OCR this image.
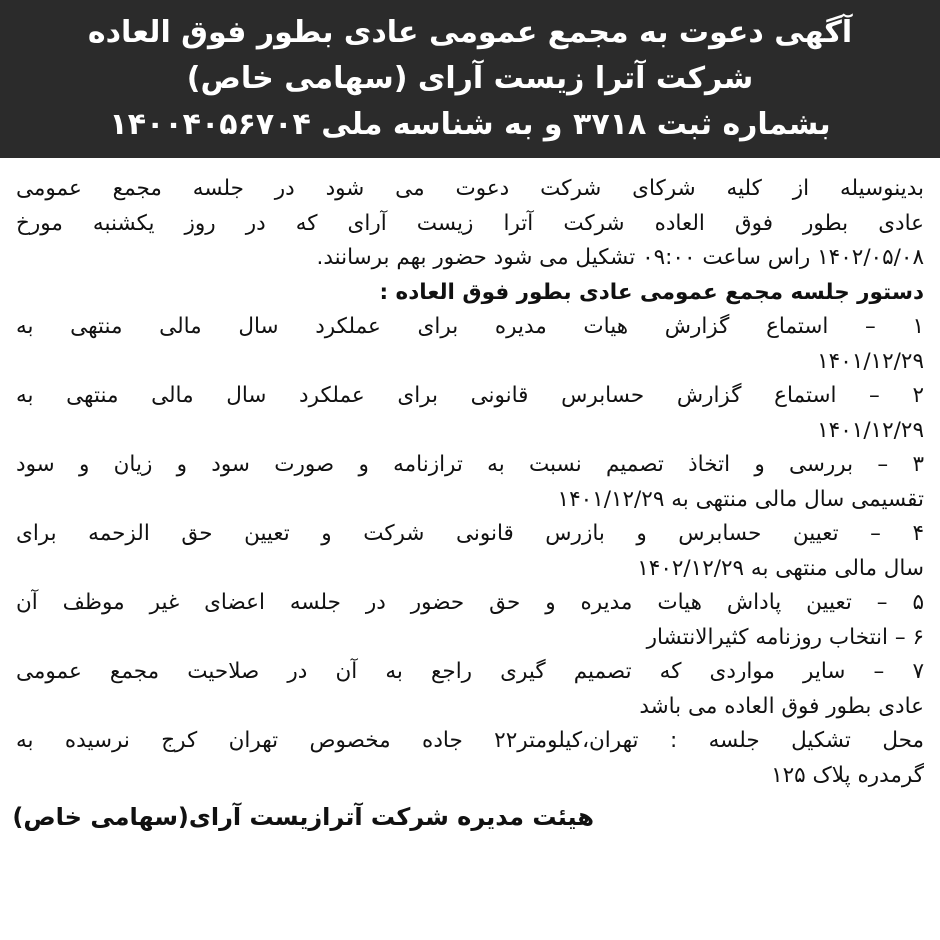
آگهی دعوت به مجمع عمومی عادی بطور فوق العاده
شرکت آترا زیست آرای (سهامی خاص)
بشماره ثبت ۳۷۱۸ و به شناسه ملی ۱۴۰۰۴۰۵۶۷۰۴
بدینوسیله از کلیه شرکای شرکت دعوت می شود در جلسه مجمع عمومی
عادی بطور فوق العاده شرکت آترا زیست آرای که در روز یکشنبه مورخ
۱۴۰۲/۰۵/۰۸ راس ساعت ۰۹:۰۰ تشکیل می شود حضور بهم برسانند.
دستور جلسه مجمع عمومی عادی بطور فوق العاده :
۱ – استماع گزارش هیات مدیره برای عملکرد سال مالی منتهی به
۱۴۰۱/۱۲/۲۹
۲ – استماع گزارش حسابرس قانونی برای عملکرد سال مالی منتهی به
۱۴۰۱/۱۲/۲۹
۳ – بررسی و اتخاذ تصمیم نسبت به ترازنامه و صورت سود و زیان و سود
تقسیمی سال مالی منتهی به ۱۴۰۱/۱۲/۲۹
۴ – تعیین حسابرس و بازرس قانونی شرکت و تعیین حق الزحمه برای
سال مالی منتهی به ۱۴۰۲/۱۲/۲۹
۵ – تعیین پاداش هیات مدیره و حق حضور در جلسه اعضای غیر موظف آن
۶ – انتخاب روزنامه کثیرالانتشار
۷ – سایر مواردی که تصمیم گیری راجع به آن در صلاحیت مجمع عمومی
عادی بطور فوق العاده می باشد
محل تشکیل جلسه : تهران،کیلومتر۲۲ جاده مخصوص تهران کرج نرسیده به
گرمدره پلاک ۱۲۵
هیئت مدیره شرکت آترازیست آرای(سهامی خاص)
